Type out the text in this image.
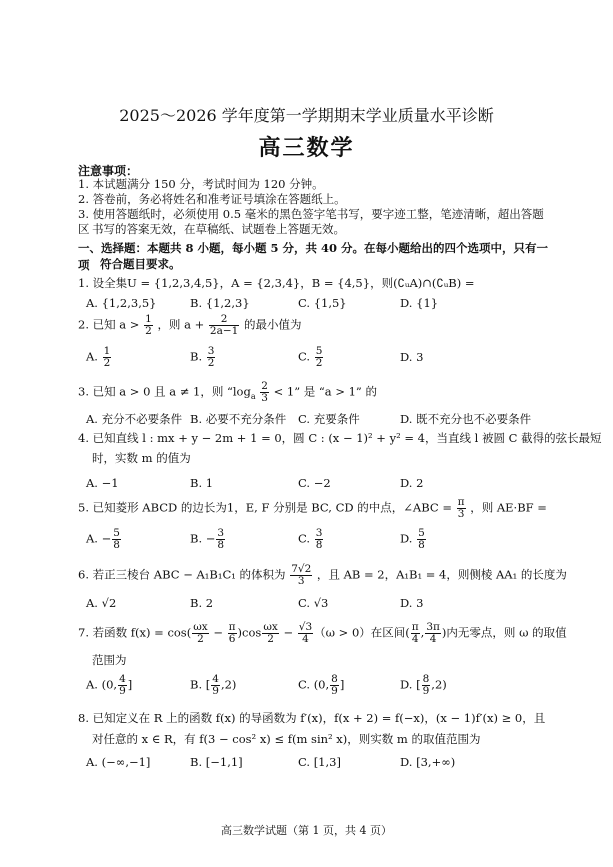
2025～2026 学年度第一学期期末学业质量水平诊断
高三数学
注意事项：
1. 本试题满分 150 分，考试时间为 120 分钟。
2. 答卷前，务必将姓名和准考证号填涂在答题纸上。
3. 使用答题纸时，必须使用 0.5 毫米的黑色签字笔书写，要字迹工整，笔迹清晰，超出答题区 书写的答案无效，在草稿纸、试题卷上答题无效。
一、选择题：本题共 8 小题，每小题 5 分，共 40 分。在每小题给出的四个选项中，只有一项 符合题目要求。
1. 设全集U = {1,2,3,4,5}，A = {2,3,4}，B = {4,5}，则(∁ᵤA)∩(∁ᵤB) =
A. {1,2,3,5}	B. {1,2,3}	C. {1,5}	D. {1}
2. 已知 $a > \frac{1}{2}$ ，则 $a + \frac{2}{2a-1}$ 的最小值为
A. $\frac{1}{2}$	B. $\frac{3}{2}$	C. $\frac{5}{2}$	D. 3
3. 已知 a > 0 且 a ≠ 1，则 “$\log_a \frac{2}{3} < 1$” 是 “a > 1” 的
A. 充分不必要条件 B. 必要不充分条件 C. 充要条件	D. 既不充分也不必要条件
4. 已知直线 l : mx + y − 2m + 1 = 0，圆 C : (x − 1)² + y² = 4，当直线 l 被圆 C 截得的弦长最短
时，实数 m 的值为
A. −1	B. 1	C. −2	D. 2
5. 已知菱形 ABCD 的边长为1，E, F 分别是 BC, CD 的中点，∠ABC = $\frac{\pi}{3}$ ，则 AE·BF =
A. − $\frac{5}{8}$	B. − $\frac{3}{8}$	C. $\frac{3}{8}$	D. $\frac{5}{8}$
6. 若正三棱台 ABC − A₁B₁C₁ 的体积为 $\frac{7√2}{3}$ ，且 AB = 2，A₁B₁ = 4，则侧棱 AA₁ 的长度为
A. √2	B. 2	C. √3	D. 3
7. 若函数 $f(x) = \cos( \frac{\omega x}{2} - \frac{\pi}{6} )\cos \frac{\omega x}{2} - \frac{√3}{4} (\omega > 0)$在区间( $\frac{\pi}{4}$ , $\frac{3\pi}{4}$ )内无零点，则 ω 的取值
范围为
A. (0, $\frac{4}{9}$ ]	B. [ $\frac{4}{9} ,2$)	C. (0, $\frac{8}{9}$ ]	D. [ $\frac{8}{9} ,2$)
8. 已知定义在 R 上的函数 f(x) 的导函数为 f′(x)，f(x + 2) = f(−x)，(x − 1)f′(x) ≥ 0，且
对任意的 x ∈ R，有 f(3 − cos² x) ≤ f(m sin² x)，则实数 m 的取值范围为
A. (−∞,−1]	B. [−1,1]	C. [1,3]	D. [3,+∞)
高三数学试题（第 1 页，共 4 页）
